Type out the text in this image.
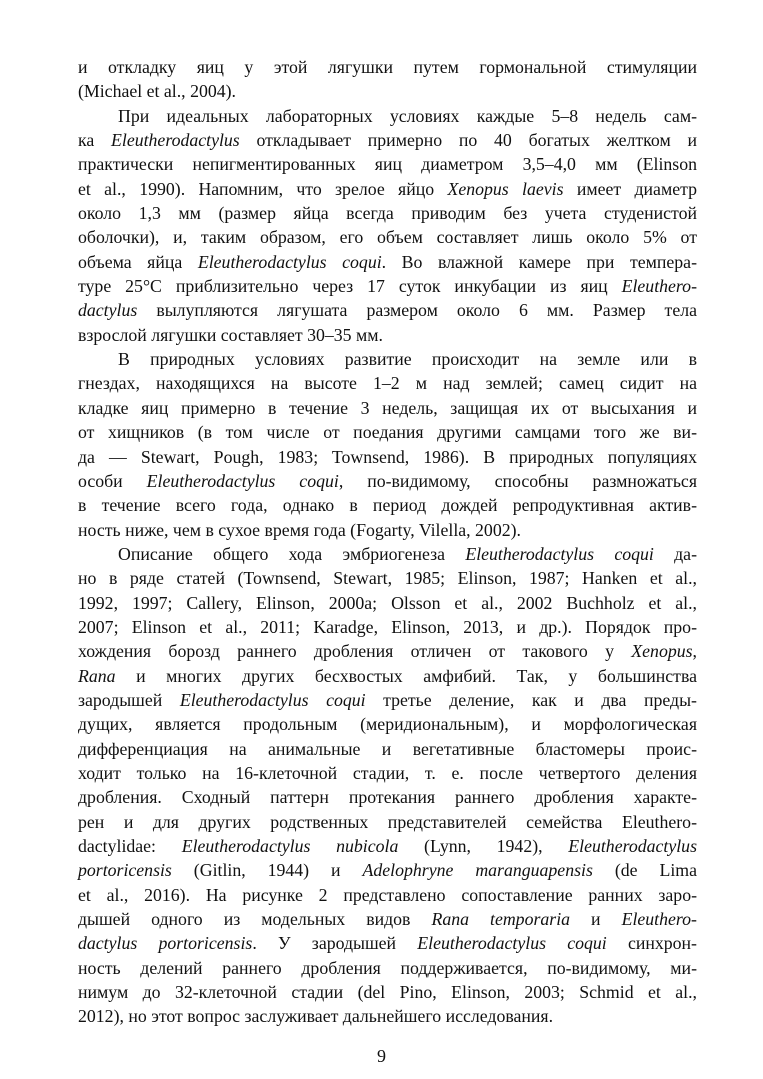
и откладку яиц у этой лягушки путем гормональной стимуляции
(Michael et al., 2004).
При идеальных лабораторных условиях каждые 5–8 недель сам-
ка Eleutherodactylus откладывает примерно по 40 богатых желтком и
практически непигментированных яиц диаметром 3,5–4,0 мм (Elinson
et al., 1990). Напомним, что зрелое яйцо Xenopus laevis имеет диаметр
около 1,3 мм (размер яйца всегда приводим без учета студенистой
оболочки), и, таким образом, его объем составляет лишь около 5% от
объема яйца Eleutherodactylus coqui. Во влажной камере при темпера-
туре 25°С приблизительно через 17 суток инкубации из яиц Eleuthero-
dactylus вылупляются лягушата размером около 6 мм. Размер тела
взрослой лягушки составляет 30–35 мм.
В природных условиях развитие происходит на земле или в
гнездах, находящихся на высоте 1–2 м над землей; самец сидит на
кладке яиц примерно в течение 3 недель, защищая их от высыхания и
от хищников (в том числе от поедания другими самцами того же ви-
да — Stewart, Pough, 1983; Townsend, 1986). В природных популяциях
особи Eleutherodactylus coqui, по-видимому, способны размножаться
в течение всего года, однако в период дождей репродуктивная актив-
ность ниже, чем в сухое время года (Fogarty, Vilella, 2002).
Описание общего хода эмбриогенеза Eleutherodactylus coqui да-
но в ряде статей (Townsend, Stewart, 1985; Elinson, 1987; Hanken et al.,
1992, 1997; Callery, Elinson, 2000a; Olsson et al., 2002 Buchholz et al.,
2007; Elinson et al., 2011; Karadge, Elinson, 2013, и др.). Порядок про-
хождения борозд раннего дробления отличен от такового у Xenopus,
Rana и многих других бесхвостых амфибий. Так, у большинства
зародышей Eleutherodactylus coqui третье деление, как и два преды-
дущих, является продольным (меридиональным), и морфологическая
дифференциация на анимальные и вегетативные бластомеры проис-
ходит только на 16-клеточной стадии, т. е. после четвертого деления
дробления. Сходный паттерн протекания раннего дробления характе-
рен и для других родственных представителей семейства Eleuthero-
dactylidae: Eleutherodactylus nubicola (Lynn, 1942), Eleutherodactylus
portoricensis (Gitlin, 1944) и Adelophryne maranguapensis (de Lima
et al., 2016). На рисунке 2 представлено сопоставление ранних заро-
дышей одного из модельных видов Rana temporaria и Eleuthero-
dactylus portoricensis. У зародышей Eleutherodactylus coqui синхрон-
ность делений раннего дробления поддерживается, по-видимому, ми-
нимум до 32-клеточной стадии (del Pino, Elinson, 2003; Schmid et al.,
2012), но этот вопрос заслуживает дальнейшего исследования.
9
